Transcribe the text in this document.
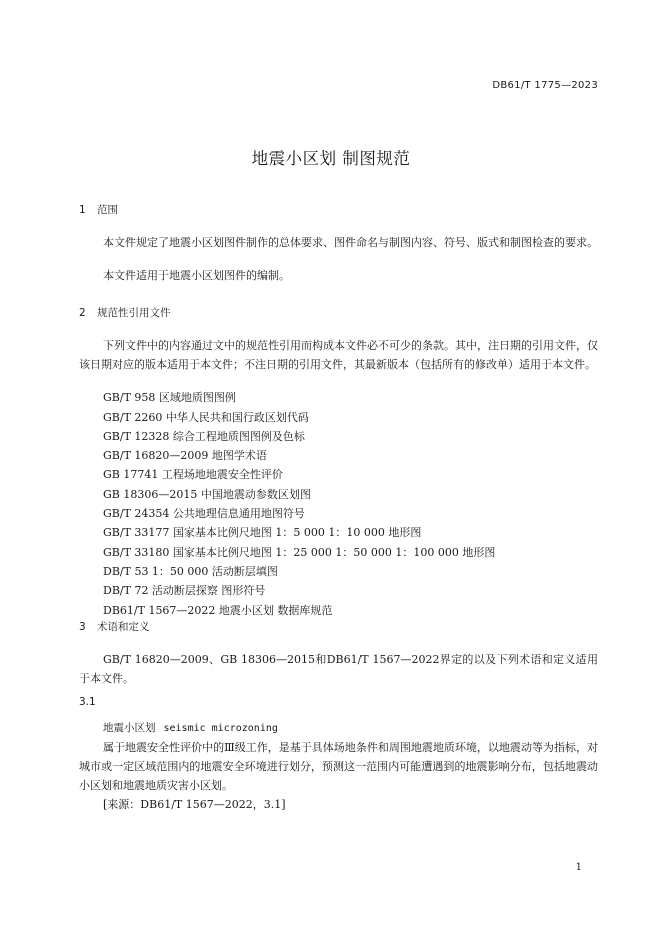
DB61/T 1775—2023
地震小区划 制图规范
1 范围

本文件规定了地震小区划图件制作的总体要求、图件命名与制图内容、符号、版式和制图检查的要求。

本文件适用于地震小区划图件的编制。

2 规范性引用文件

下列文件中的内容通过文中的规范性引用而构成本文件必不可少的条款。其中，注日期的引用文件，仅该日期对应的版本适用于本文件；不注日期的引用文件，其最新版本（包括所有的修改单）适用于本文件。

GB/T 958 区域地质图图例
GB/T 2260 中华人民共和国行政区划代码
GB/T 12328 综合工程地质图图例及色标
GB/T 16820—2009 地图学术语
GB 17741 工程场地地震安全性评价
GB 18306—2015 中国地震动参数区划图
GB/T 24354 公共地理信息通用地图符号
GB/T 33177 国家基本比例尺地图 1：5 000 1：10 000 地形图
GB/T 33180 国家基本比例尺地图 1：25 000 1：50 000 1：100 000 地形图
DB/T 53 1：50 000 活动断层填图
DB/T 72 活动断层探察 图形符号
DB61/T 1567—2022 地震小区划 数据库规范
3 术语和定义

GB/T 16820—2009、GB 18306—2015和DB61/T 1567—2022界定的以及下列术语和定义适用于本文件。

3.1
地震小区划 seismic microzoning

属于地震安全性评价中的Ⅲ级工作，是基于具体场地条件和周围地震地质环境，以地震动等为指标，对城市或一定区域范围内的地震安全环境进行划分，预测这一范围内可能遭遇到的地震影响分布，包括地震动小区划和地震地质灾害小区划。

[来源：DB61/T 1567—2022，3.1]
1
